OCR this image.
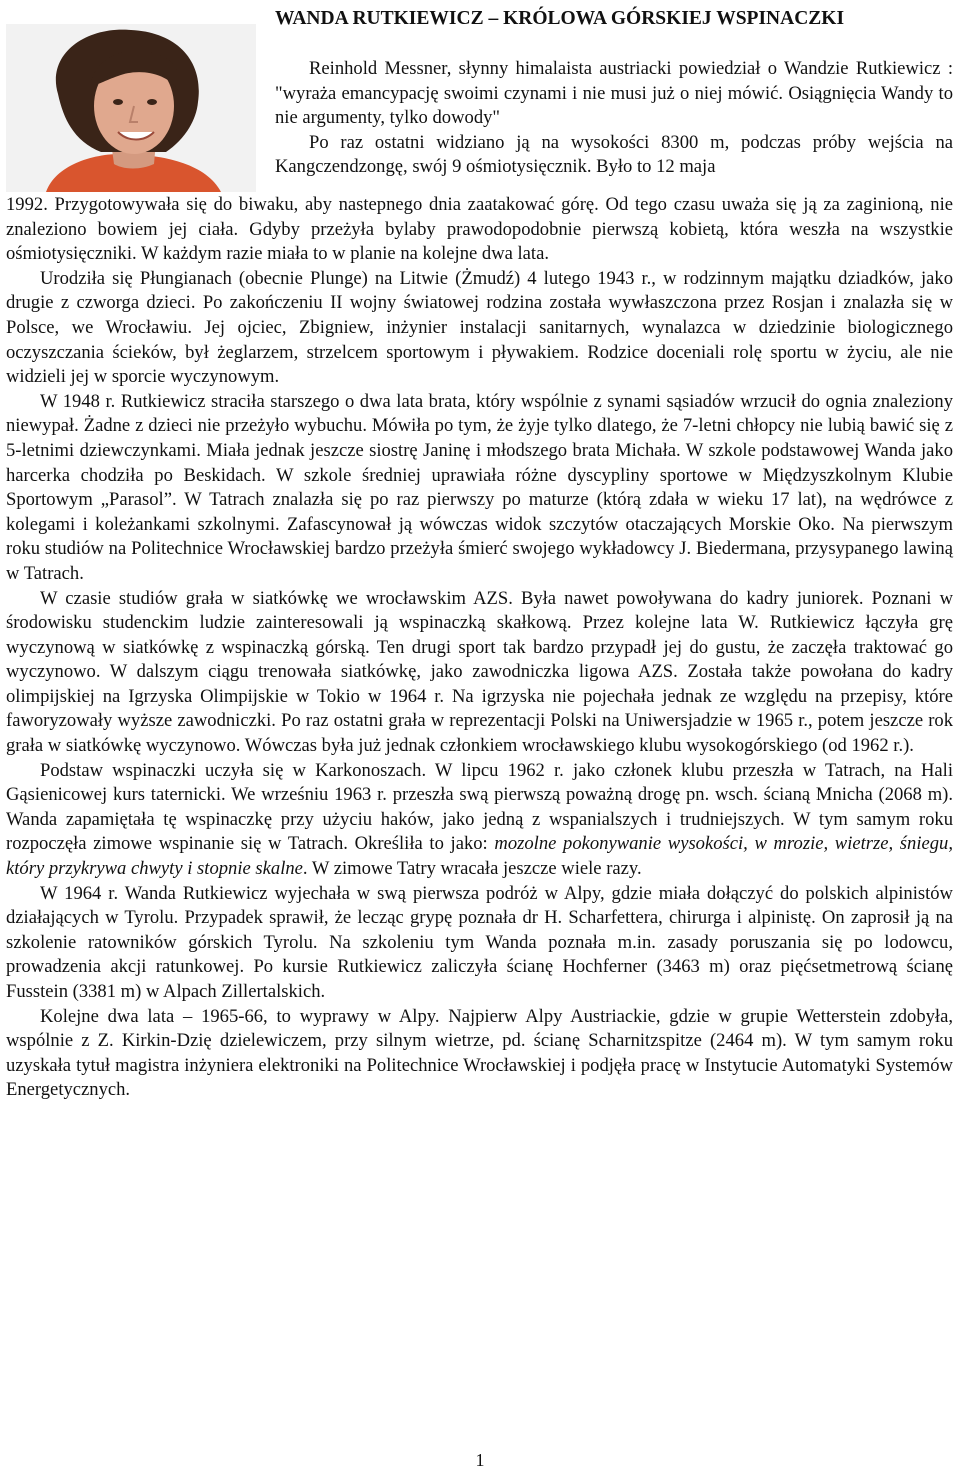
WANDA RUTKIEWICZ – KRÓLOWA GÓRSKIEJ WSPINACZKI

Reinhold Messner, słynny himalaista austriacki powiedział o Wandzie Rutkiewicz : "wyraża emancypację swoimi czynami i nie musi już o niej mówić. Osiągnięcia Wandy to nie argumenty, tylko dowody"

Po raz ostatni widziano ją na wysokości 8300 m, podczas próby wejścia na Kangczendzongę, swój 9 ośmiotysięcznik. Było to 12 maja

1992. Przygotowywała się do biwaku, aby nastepnego dnia zaatakować górę. Od tego czasu uważa się ją za zaginioną, nie znaleziono bowiem jej ciała. Gdyby przeżyła bylaby prawodopodobnie pierwszą kobietą, która weszła na wszystkie ośmiotysięczniki. W każdym razie miała to w planie na kolejne dwa lata.

Urodziła się Płungianach (obecnie Plunge) na Litwie (Żmudź) 4 lutego 1943 r., w rodzinnym majątku dziadków, jako drugie z czworga dzieci. Po zakończeniu II wojny światowej rodzina została wywłaszczona przez Rosjan i znalazła się w Polsce, we Wrocławiu. Jej ojciec, Zbigniew, inżynier instalacji sanitarnych, wynalazca w dziedzinie biologicznego oczyszczania ścieków, był żeglarzem, strzelcem sportowym i pływakiem. Rodzice doceniali rolę sportu w życiu, ale nie widzieli jej w sporcie wyczynowym.

W 1948 r. Rutkiewicz straciła starszego o dwa lata brata, który wspólnie z synami sąsiadów wrzucił do ognia znaleziony niewypał. Żadne z dzieci nie przeżyło wybuchu. Mówiła po tym, że żyje tylko dlatego, że 7-letni chłopcy nie lubią bawić się z 5-letnimi dziewczynkami. Miała jednak jeszcze siostrę Janinę i młodszego brata Michała. W szkole podstawowej Wanda jako harcerka chodziła po Beskidach. W szkole średniej uprawiała różne dyscypliny sportowe w Międzyszkolnym Klubie Sportowym „Parasol”. W Tatrach znalazła się po raz pierwszy po maturze (którą zdała w wieku 17 lat), na wędrówce z kolegami i koleżankami szkolnymi. Zafascynował ją wówczas widok szczytów otaczających Morskie Oko. Na pierwszym roku studiów na Politechnice Wrocławskiej bardzo przeżyła śmierć swojego wykładowcy J. Biedermana, przysypanego lawiną w Tatrach.

W czasie studiów grała w siatkówkę we wrocławskim AZS. Była nawet powoływana do kadry juniorek. Poznani w środowisku studenckim ludzie zainteresowali ją wspinaczką skałkową. Przez kolejne lata W. Rutkiewicz łączyła grę wyczynową w siatkówkę z wspinaczką górską. Ten drugi sport tak bardzo przypadł jej do gustu, że zaczęła traktować go wyczynowo. W dalszym ciągu trenowała siatkówkę, jako zawodniczka ligowa AZS. Została także powołana do kadry olimpijskiej na Igrzyska Olimpijskie w Tokio w 1964 r. Na igrzyska nie pojechała jednak ze względu na przepisy, które faworyzowały wyższe zawodniczki. Po raz ostatni grała w reprezentacji Polski na Uniwersjadzie w 1965 r., potem jeszcze rok grała w siatkówkę wyczynowo. Wówczas była już jednak członkiem wrocławskiego klubu wysokogórskiego (od 1962 r.).

Podstaw wspinaczki uczyła się w Karkonoszach. W lipcu 1962 r. jako członek klubu przeszła w Tatrach, na Hali Gąsienicowej kurs taternicki. We wrześniu 1963 r. przeszła swą pierwszą poważną drogę pn. wsch. ścianą Mnicha (2068 m). Wanda zapamiętała tę wspinaczkę przy użyciu haków, jako jedną z wspanialszych i trudniejszych. W tym samym roku rozpoczęła zimowe wspinanie się w Tatrach. Określiła to jako: mozolne pokonywanie wysokości, w mrozie, wietrze, śniegu, który przykrywa chwyty i stopnie skalne. W zimowe Tatry wracała jeszcze wiele razy.

W 1964 r. Wanda Rutkiewicz wyjechała w swą pierwsza podróż w Alpy, gdzie miała dołączyć do polskich alpinistów działających w Tyrolu. Przypadek sprawił, że lecząc grypę poznała dr H. Scharfettera, chirurga i alpinistę. On zaprosił ją na szkolenie ratowników górskich Tyrolu. Na szkoleniu tym Wanda poznała m.in. zasady poruszania się po lodowcu, prowadzenia akcji ratunkowej. Po kursie Rutkiewicz zaliczyła ścianę Hochferner (3463 m) oraz pięćsetmetrową ścianę Fusstein (3381 m) w Alpach Zillertalskich.

Kolejne dwa lata – 1965-66, to wyprawy w Alpy. Najpierw Alpy Austriackie, gdzie w grupie Wetterstein zdobyła, wspólnie z Z. Kirkin-Dzię dzielewiczem, przy silnym wietrze, pd. ścianę Scharnitzspitze (2464 m). W tym samym roku uzyskała tytuł magistra inżyniera elektroniki na Politechnice Wrocławskiej i podjęła pracę w Instytucie Automatyki Systemów Energetycznych.

1
